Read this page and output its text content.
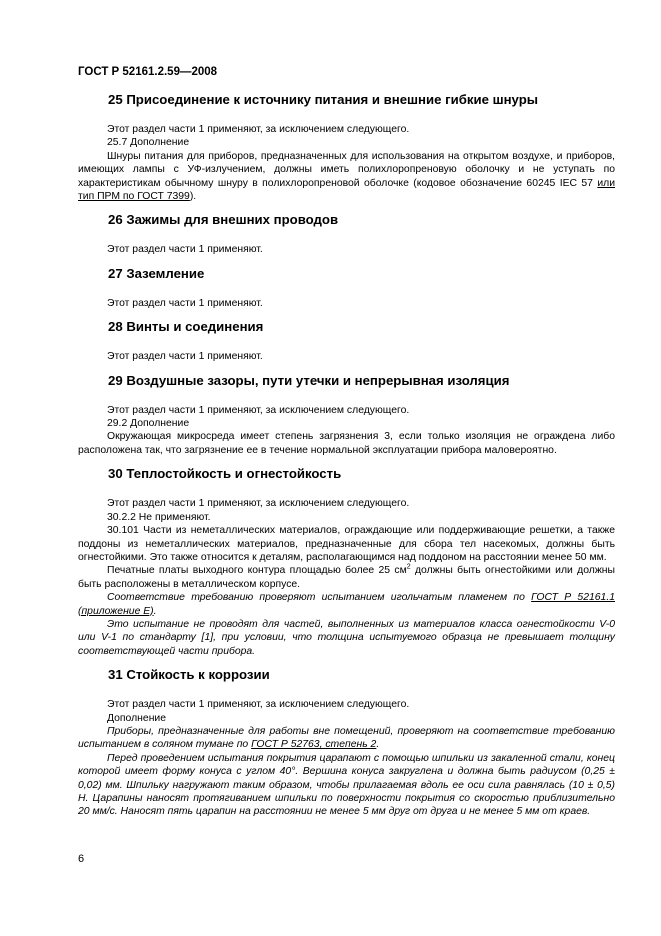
ГОСТ Р 52161.2.59—2008
25 Присоединение к источнику питания и внешние гибкие шнуры

Этот раздел части 1 применяют, за исключением следующего.

25.7 Дополнение

Шнуры питания для приборов, предназначенных для использования на открытом воздухе, и приборов, имеющих лампы с УФ-излучением, должны иметь полихлоропреновую оболочку и не уступать по характеристикам обычному шнуру в полихлоропреновой оболочке (кодовое обозначение 60245 IEC 57 или тип ПРМ по ГОСТ 7399).

26 Зажимы для внешних проводов

Этот раздел части 1 применяют.

27 Заземление

Этот раздел части 1 применяют.

28 Винты и соединения

Этот раздел части 1 применяют.

29 Воздушные зазоры, пути утечки и непрерывная изоляция

Этот раздел части 1 применяют, за исключением следующего.

29.2 Дополнение

Окружающая микросреда имеет степень загрязнения 3, если только изоляция не ограждена либо расположена так, что загрязнение ее в течение нормальной эксплуатации прибора маловероятно.

30 Теплостойкость и огнестойкость

Этот раздел части 1 применяют, за исключением следующего.

30.2.2 Не применяют.

30.101 Части из неметаллических материалов, ограждающие или поддерживающие решетки, а также поддоны из неметаллических материалов, предназначенные для сбора тел насекомых, должны быть огнестойкими. Это также относится к деталям, располагающимся над поддоном на расстоянии менее 50 мм.

Печатные платы выходного контура площадью более 25 $см^2$ должны быть огнестойкими или должны быть расположены в металлическом корпусе.

Соответствие требованию проверяют испытанием игольчатым пламенем по ГОСТ Р 52161.1 (приложение Е).

Это испытание не проводят для частей, выполненных из материалов класса огнестойкости V-0 или V-1 по стандарту [1], при условии, что толщина испытуемого образца не превышает толщину соответствующей части прибора.

31 Стойкость к коррозии

Этот раздел части 1 применяют, за исключением следующего.

Дополнение

Приборы, предназначенные для работы вне помещений, проверяют на соответствие требованию испытанием в соляном тумане по ГОСТ Р 52763, степень 2.

Перед проведением испытания покрытия царапают с помощью шпильки из закаленной стали, конец которой имеет форму конуса с углом 40°. Вершина конуса закруглена и должна быть радиусом (0,25 ± 0,02) мм. Шпильку нагружают таким образом, чтобы прилагаемая вдоль ее оси сила равнялась (10 ± 0,5) Н. Царапины наносят протягиванием шпильки по поверхности покрытия со скоростью приблизительно 20 мм/с. Наносят пять царапин на расстоянии не менее 5 мм друг от друга и не менее 5 мм от краев.

6
